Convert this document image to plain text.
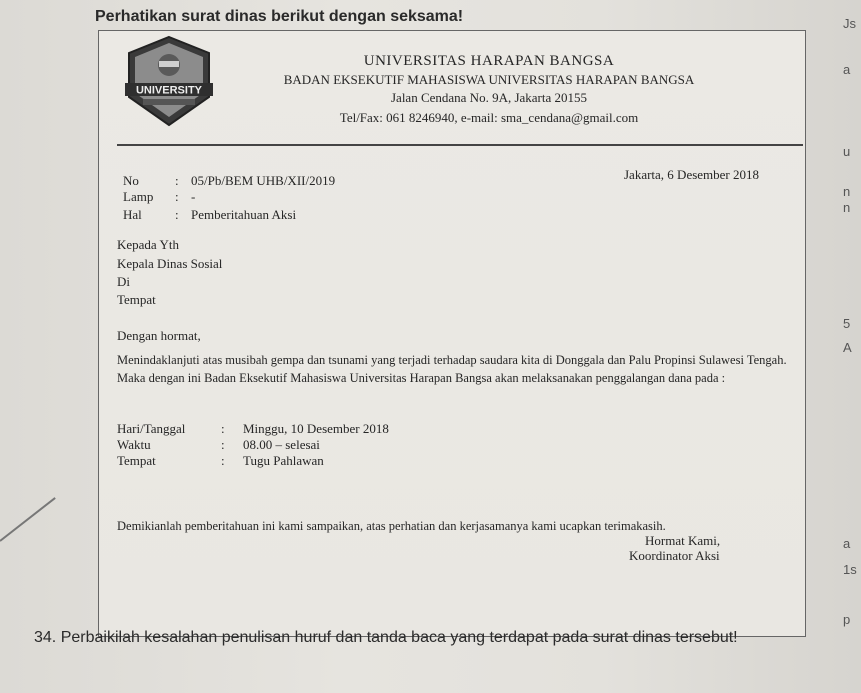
Perhatikan surat dinas berikut dengan seksama!	Js
a
u
n
n
5
A
a
1s
p
UNIVERSITY
UNIVERSITAS HARAPAN BANGSA
BADAN EKSEKUTIF MAHASISWA UNIVERSITAS HARAPAN BANGSA
Jalan Cendana No. 9A, Jakarta 20155
Tel/Fax: 061 8246940, e-mail: sma_cendana@gmail.com
Jakarta, 6 Desember 2018
No	: 05/Pb/BEM UHB/XII/2019
Lamp : -
Hal	: Pemberitahuan Aksi
Kepada Yth
Kepala Dinas Sosial
Di
Tempat
Dengan hormat,
Menindaklanjuti atas musibah gempa dan tsunami yang terjadi terhadap saudara kita di Donggala dan Palu Propinsi Sulawesi Tengah. Maka dengan ini Badan Eksekutif Mahasiswa Universitas Harapan Bangsa akan melaksanakan penggalangan dana pada :
Hari/Tanggal	: Minggu, 10 Desember 2018
Waktu	: 08.00 – selesai
Tempat	: Tugu Pahlawan
Demikianlah pemberitahuan ini kami sampaikan, atas perhatian dan kerjasamanya kami ucapkan terimakasih.
Hormat Kami,
Koordinator Aksi
34. Perbaikilah kesalahan penulisan huruf dan tanda baca yang terdapat pada surat dinas tersebut!
